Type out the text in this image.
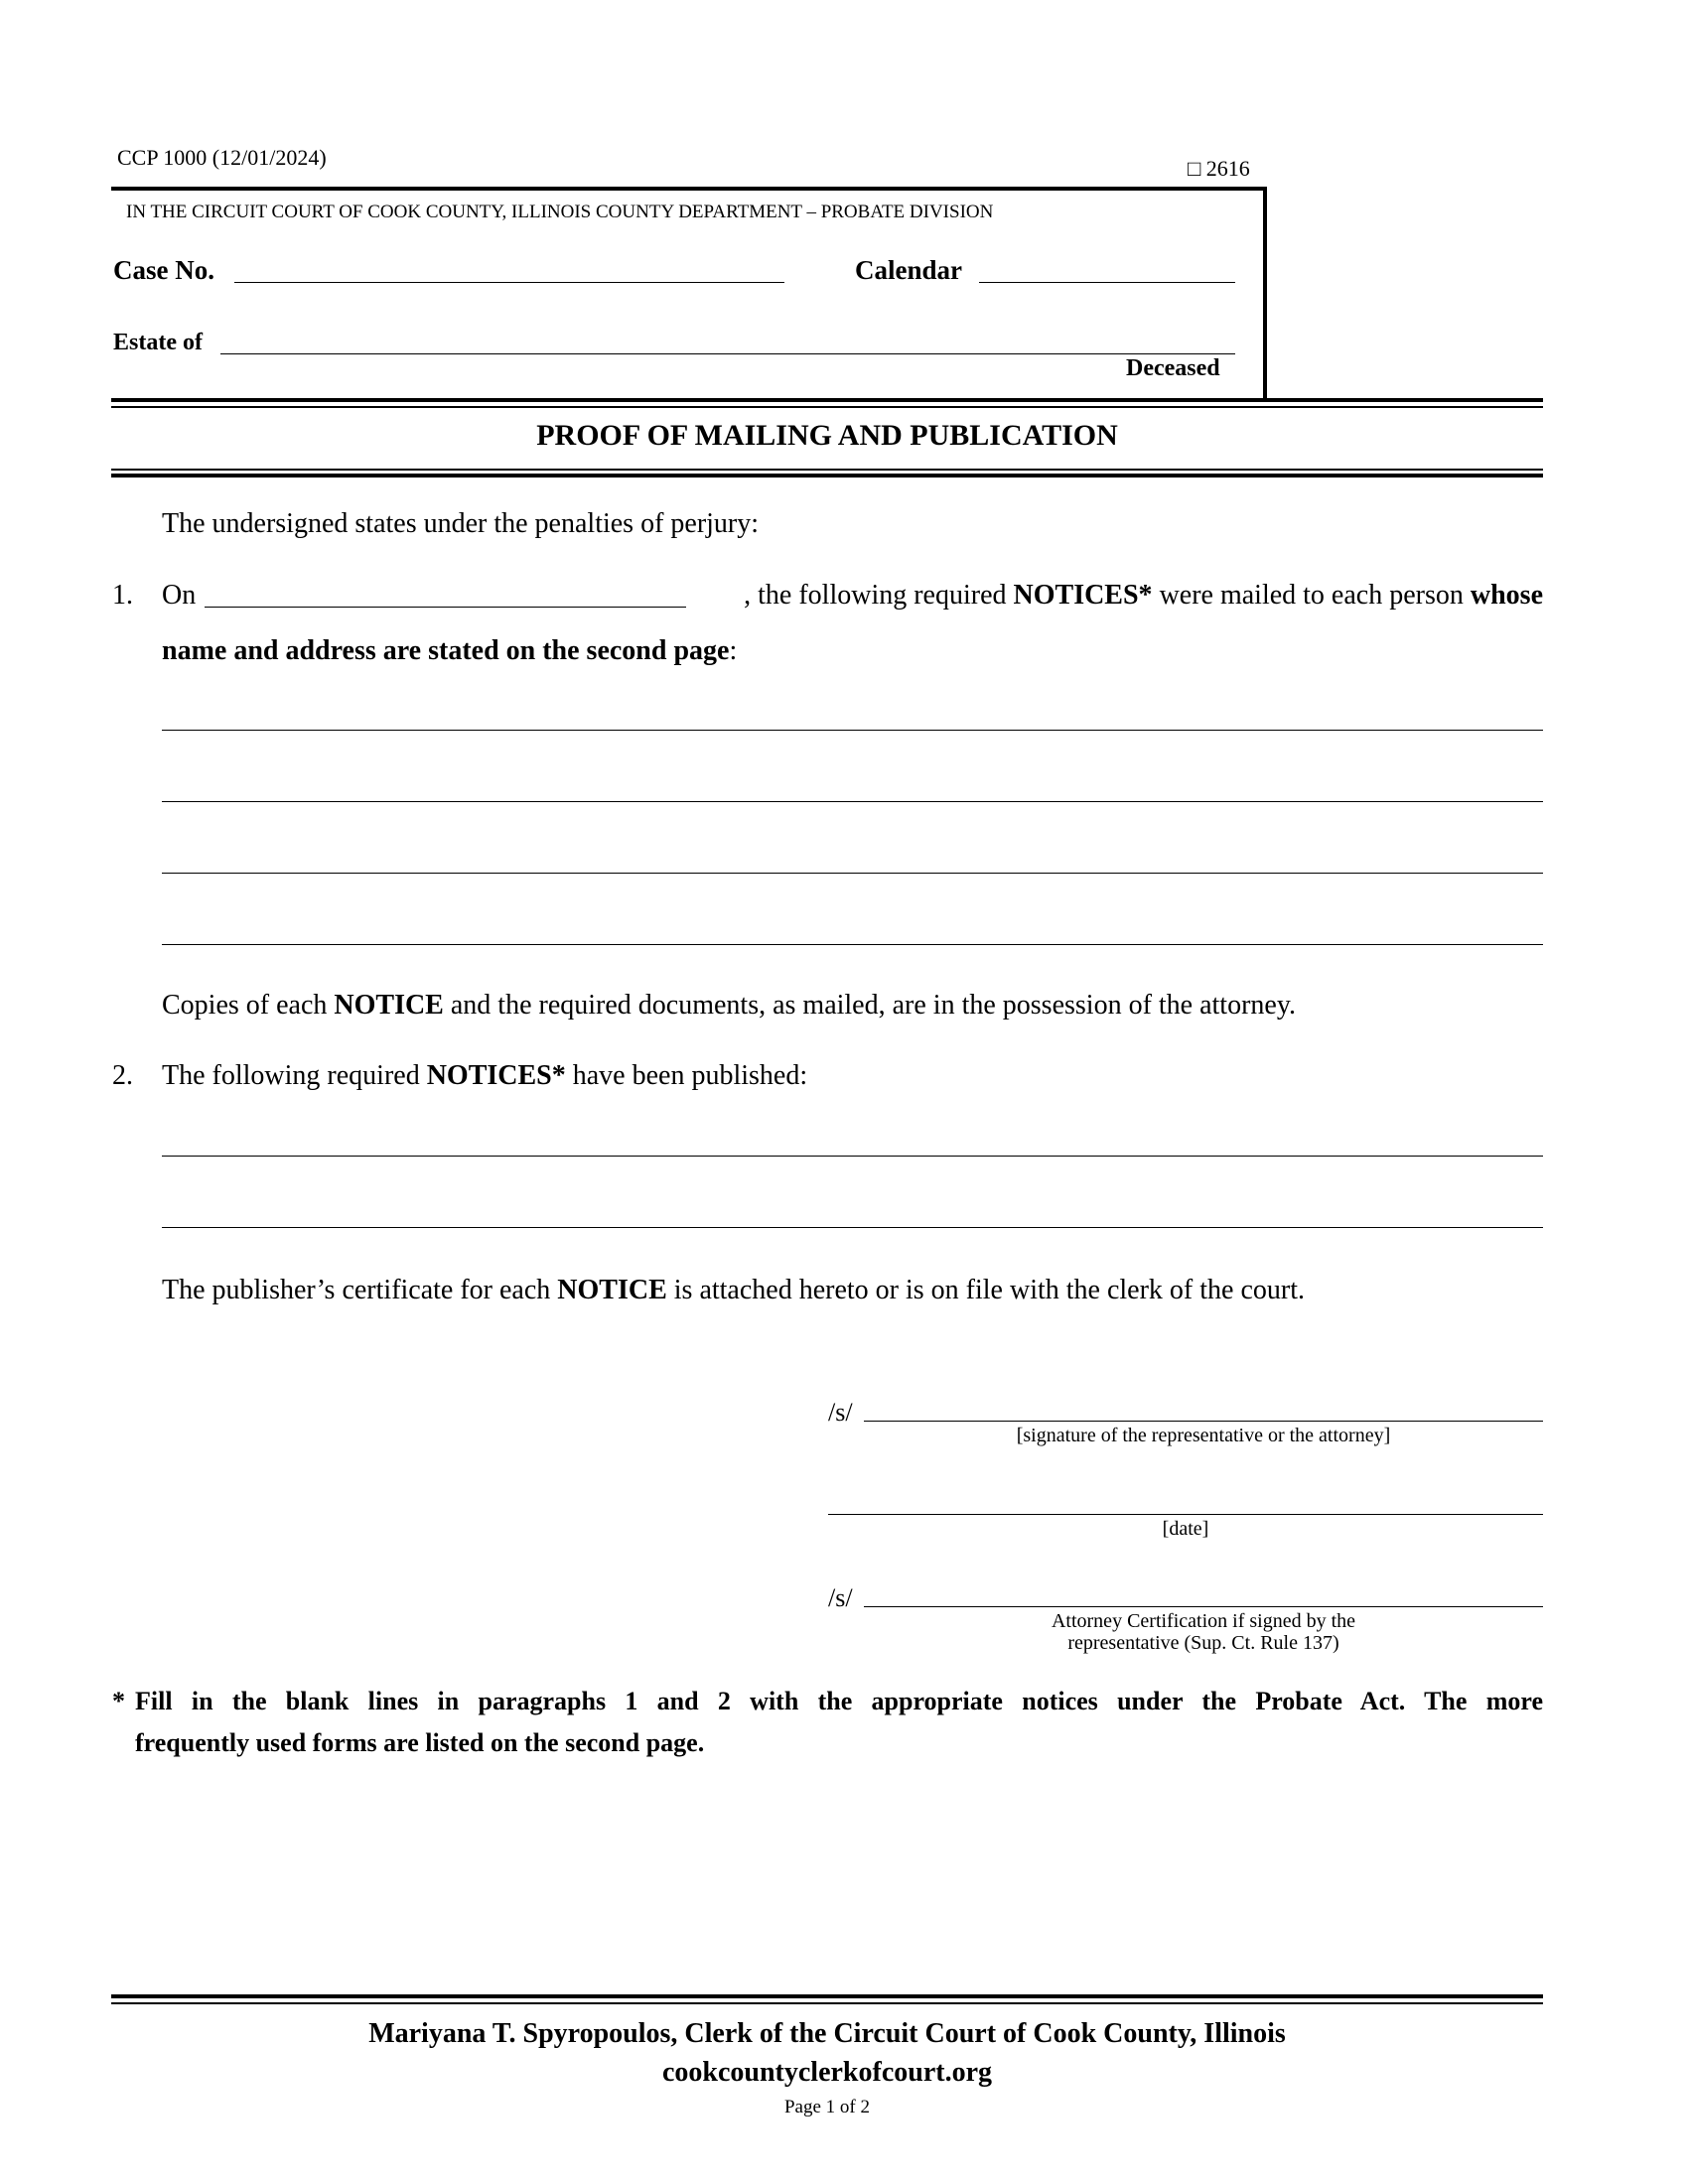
CCP 1000 (12/01/2024)	□ 2616
IN THE CIRCUIT COURT OF COOK COUNTY, ILLINOIS COUNTY DEPARTMENT – PROBATE DIVISION
Case No.	Calendar
Estate of
Deceased
PROOF OF MAILING AND PUBLICATION
The undersigned states under the penalties of perjury:
1. On	, the following required NOTICES* were mailed to each person whose
name and address are stated on the second page:
Copies of each NOTICE and the required documents, as mailed, are in the possession of the attorney.
2. The following required NOTICES* have been published:
The publisher’s certificate for each NOTICE is attached hereto or is on file with the clerk of the court.
/s/
[signature of the representative or the attorney]
[date]
/s/
Attorney Certification if signed by the
representative (Sup. Ct. Rule 137)
* Fill in the blank lines in paragraphs 1 and 2 with the appropriate notices under the Probate Act. The more
frequently used forms are listed on the second page.
Mariyana T. Spyropoulos, Clerk of the Circuit Court of Cook County, Illinois
cookcountyclerkofcourt.org
Page 1 of 2
